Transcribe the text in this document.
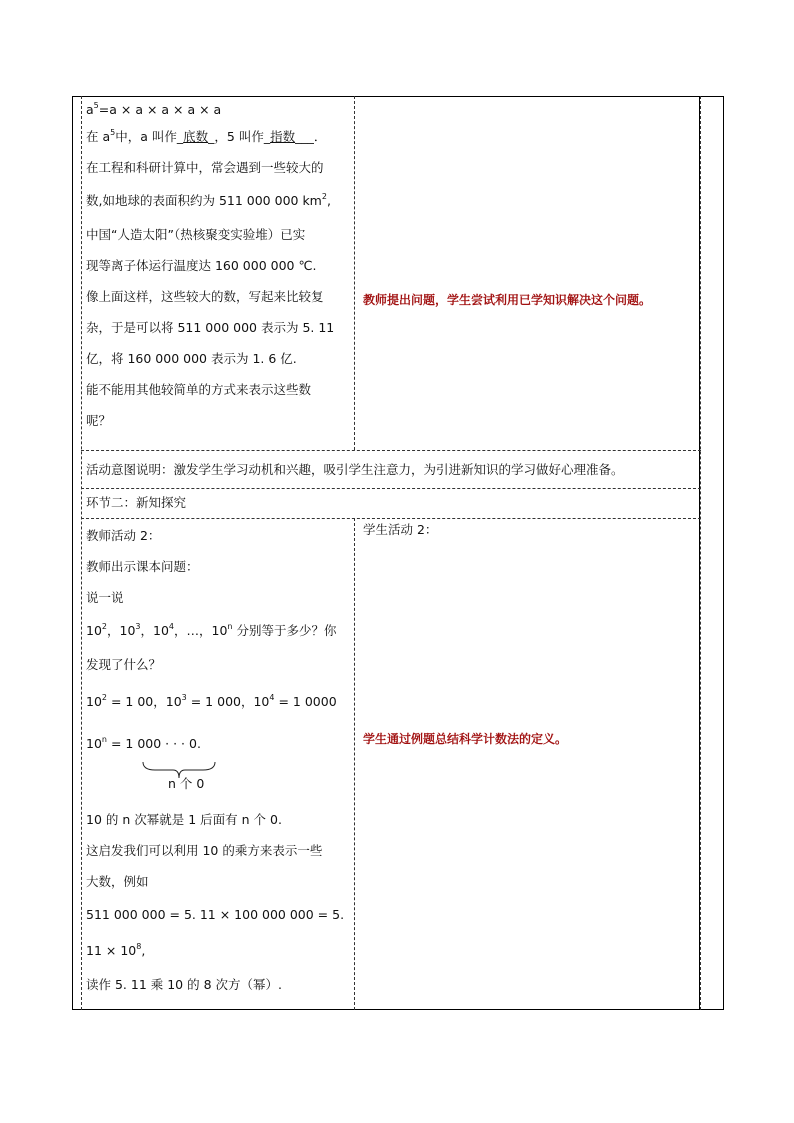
$a^5=a \times a \times a \times a \times a$

在 $a^5$中，a 叫作_底数_，5 叫作_指数___．

在工程和科研计算中，常会遇到一些较大的

数,如地球的表面积约为 511 000 000 $km^2$,

中国“人造太阳”（热核聚变实验堆）已实

现等离子体运行温度达 160 000 000 ℃.

像上面这样，这些较大的数，写起来比较复

杂，于是可以将 511 000 000 表示为 5. 11

亿，将 160 000 000 表示为 1. 6 亿.

能不能用其他较简单的方式来表示这些数

呢？

教师提出问题，学生尝试利用已学知识解决这个问题。
活动意图说明：激发学生学习动机和兴趣，吸引学生注意力，为引进新知识的学习做好心理准备。
环节二：新知探究

教师活动 2：

教师出示课本问题：

说一说

$10^2$，$10^3$，$10^4$，…，10$^n$ 分别等于多少？你

发现了什么？

$10^2 = 1$ 00，$10^3 = 1$ 000，$10^4 = 1$ 0000

$10^n = 1$ 000 · · · 0.

n 个 0

10 的 n 次幂就是 1 后面有 n 个 0.

这启发我们可以利用 10 的乘方来表示一些

大数，例如

511 000 000 = 5. 11 × 100 000 000 = 5.

$11 \times 10^8$,

读作 5. 11 乘 10 的 8 次方（幂）.

学生活动 2：
学生通过例题总结科学计数法的定义。
